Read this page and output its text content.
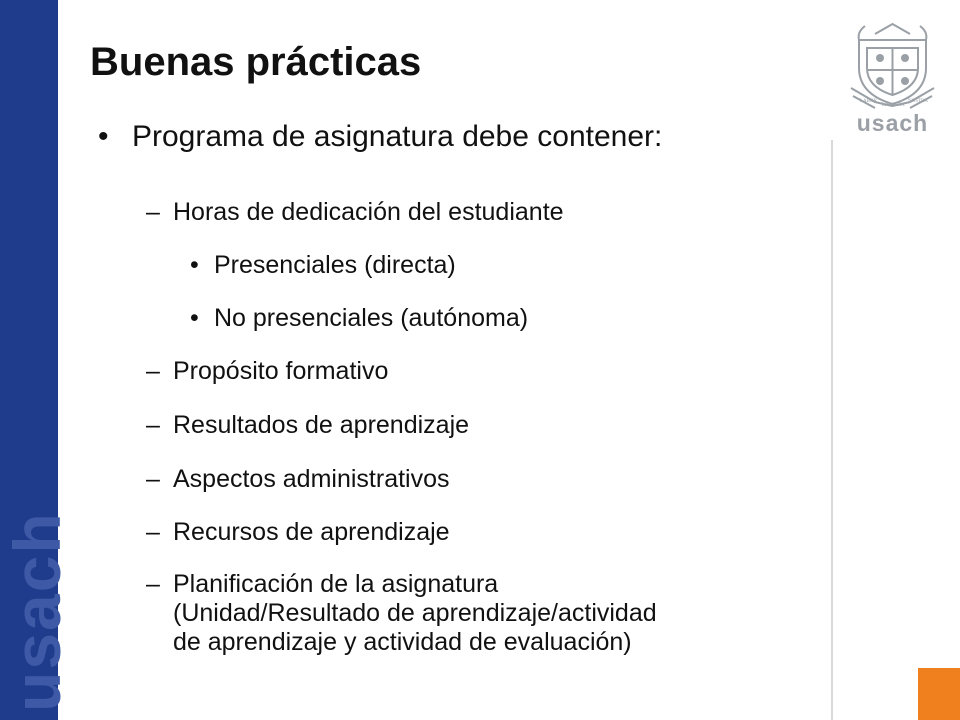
usach
Buenas prácticas
LABOR
LAETITIA
NOSTRA
usach
• Programa de asignatura debe contener:
– Horas de dedicación del estudiante
• Presenciales (directa)
• No presenciales (autónoma)
– Propósito formativo
– Resultados de aprendizaje
– Aspectos administrativos
– Recursos de aprendizaje
– Planificación de la asignatura
(Unidad/Resultado de aprendizaje/actividad
de aprendizaje y actividad de evaluación)
